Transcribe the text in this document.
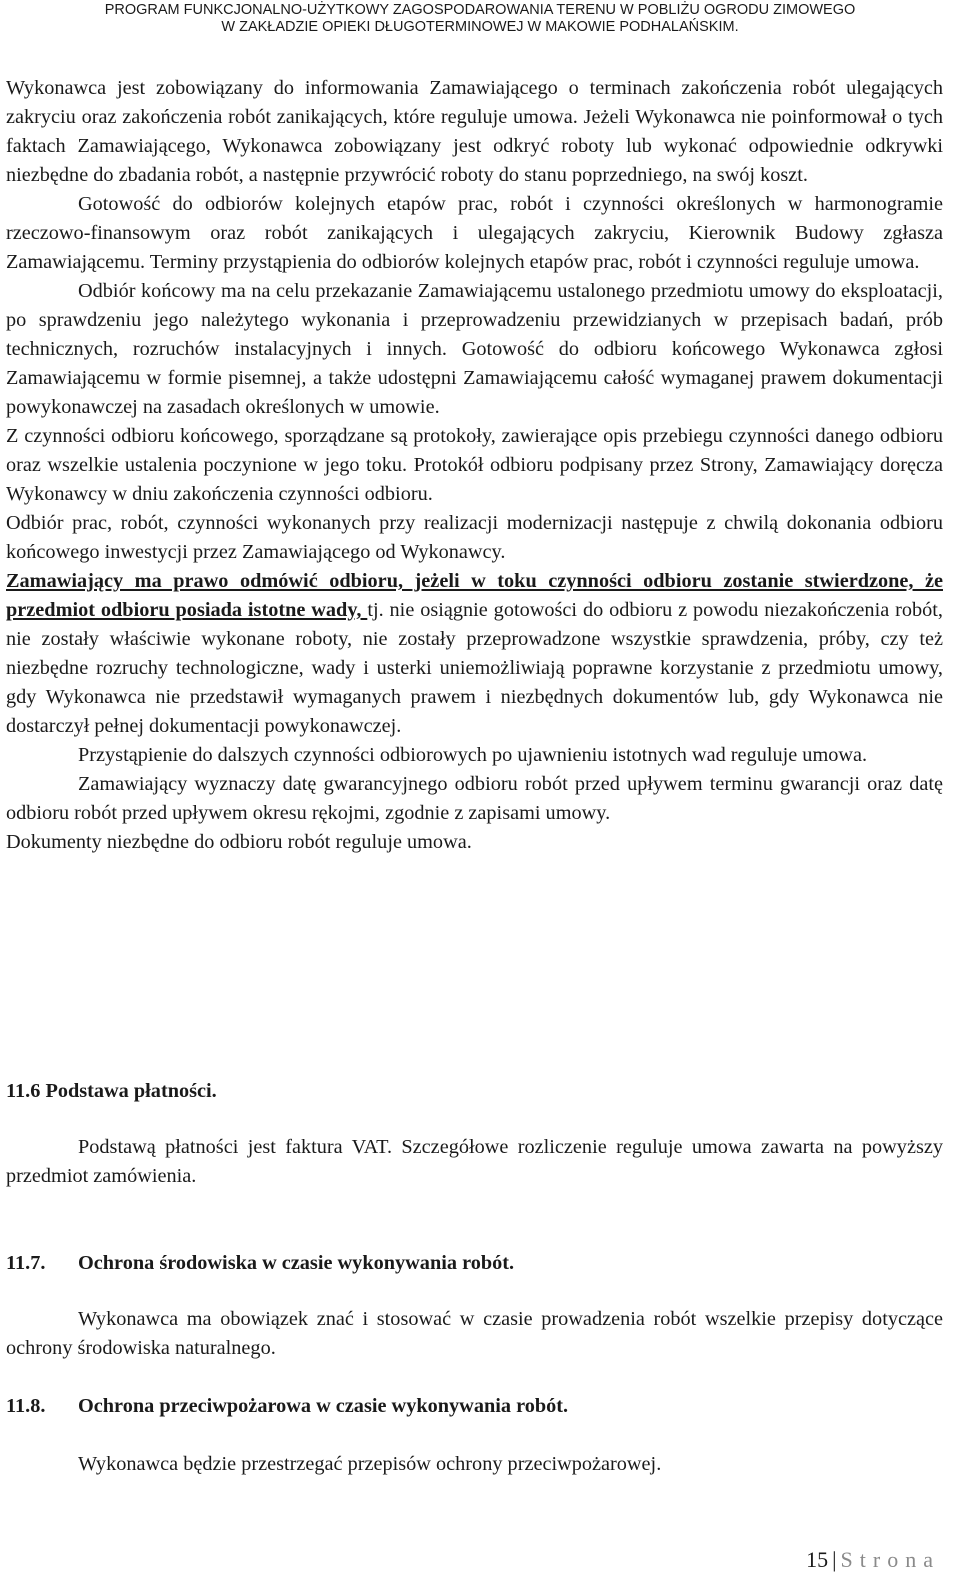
PROGRAM FUNKCJONALNO-UŻYTKOWY ZAGOSPODAROWANIA TERENU W POBLIŻU OGRODU ZIMOWEGO
W ZAKŁADZIE OPIEKI DŁUGOTERMINOWEJ W MAKOWIE PODHALAŃSKIM.

Wykonawca jest zobowiązany do informowania Zamawiającego o terminach zakończenia robót ulegających zakryciu oraz zakończenia robót zanikających, które reguluje umowa. Jeżeli Wykonawca nie poinformował o tych faktach Zamawiającego, Wykonawca zobowiązany jest odkryć roboty lub wykonać odpowiednie odkrywki niezbędne do zbadania robót, a następnie przywrócić roboty do stanu poprzedniego, na swój koszt.

Gotowość do odbiorów kolejnych etapów prac, robót i czynności określonych w harmonogramie rzeczowo-finansowym oraz robót zanikających i ulegających zakryciu, Kierownik Budowy zgłasza Zamawiającemu. Terminy przystąpienia do odbiorów kolejnych etapów prac, robót i czynności reguluje umowa.

Odbiór końcowy ma na celu przekazanie Zamawiającemu ustalonego przedmiotu umowy do eksploatacji, po sprawdzeniu jego należytego wykonania i przeprowadzeniu przewidzianych w przepisach badań, prób technicznych, rozruchów instalacyjnych i innych. Gotowość do odbioru końcowego Wykonawca zgłosi Zamawiającemu w formie pisemnej, a także udostępni Zamawiającemu całość wymaganej prawem dokumentacji powykonawczej na zasadach określonych w umowie.

Z czynności odbioru końcowego, sporządzane są protokoły, zawierające opis przebiegu czynności danego odbioru oraz wszelkie ustalenia poczynione w jego toku. Protokół odbioru podpisany przez Strony, Zamawiający doręcza Wykonawcy w dniu zakończenia czynności odbioru.

Odbiór prac, robót, czynności wykonanych przy realizacji modernizacji następuje z chwilą dokonania odbioru końcowego inwestycji przez Zamawiającego od Wykonawcy.

Zamawiający ma prawo odmówić odbioru, jeżeli w toku czynności odbioru zostanie stwierdzone, że przedmiot odbioru posiada istotne wady, tj. nie osiągnie gotowości do odbioru z powodu niezakończenia robót, nie zostały właściwie wykonane roboty, nie zostały przeprowadzone wszystkie sprawdzenia, próby, czy też niezbędne rozruchy technologiczne, wady i usterki uniemożliwiają poprawne korzystanie z przedmiotu umowy, gdy Wykonawca nie przedstawił wymaganych prawem i niezbędnych dokumentów lub, gdy Wykonawca nie dostarczył pełnej dokumentacji powykonawczej.

Przystąpienie do dalszych czynności odbiorowych po ujawnieniu istotnych wad reguluje umowa.

Zamawiający wyznaczy datę gwarancyjnego odbioru robót przed upływem terminu gwarancji oraz datę odbioru robót przed upływem okresu rękojmi, zgodnie z zapisami umowy.

Dokumenty niezbędne do odbioru robót reguluje umowa.

11.6 Podstawa płatności.

Podstawą płatności jest faktura VAT. Szczegółowe rozliczenie reguluje umowa zawarta na powyższy przedmiot zamówienia.

11.7. Ochrona środowiska w czasie wykonywania robót.

Wykonawca ma obowiązek znać i stosować w czasie prowadzenia robót wszelkie przepisy dotyczące ochrony środowiska naturalnego.

11.8. Ochrona przeciwpożarowa w czasie wykonywania robót.

Wykonawca będzie przestrzegać przepisów ochrony przeciwpożarowej.

15 | Strona
